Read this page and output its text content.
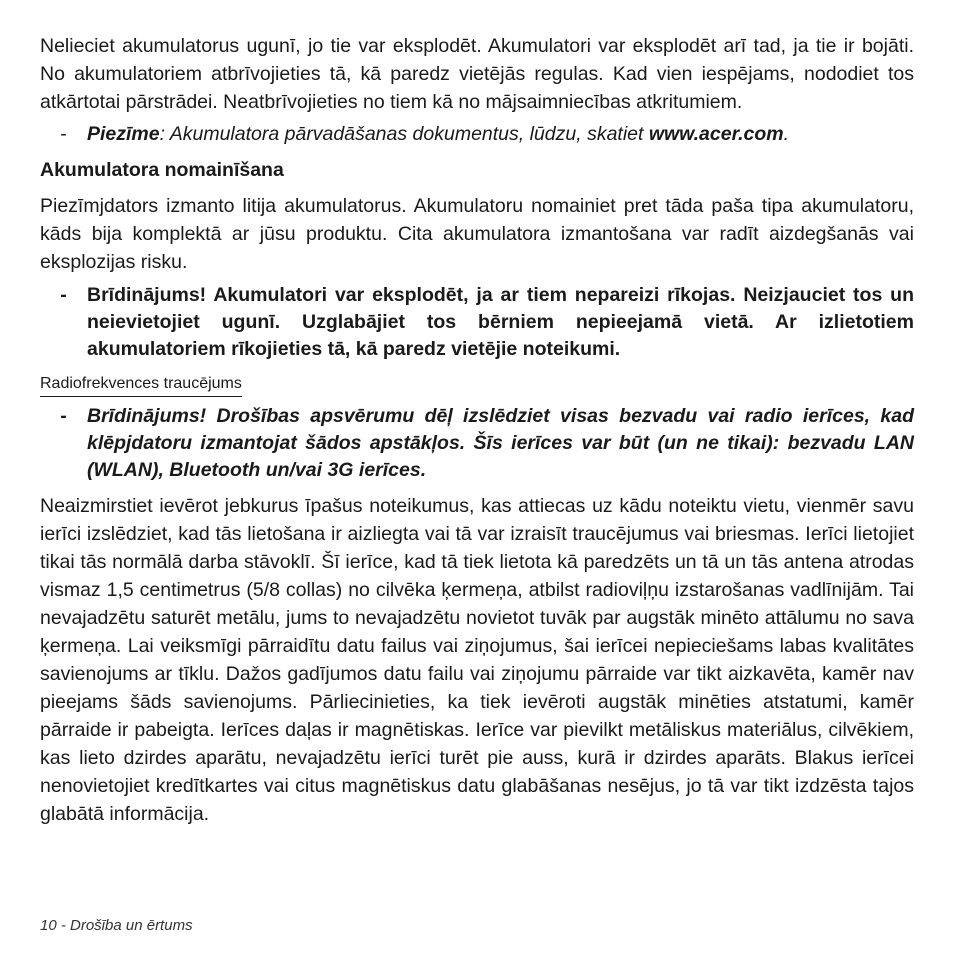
Nelieciet akumulatorus ugunī, jo tie var eksplodēt. Akumulatori var eksplodēt arī tad, ja tie ir bojāti. No akumulatoriem atbrīvojieties tā, kā paredz vietējās regulas. Kad vien iespējams, nododiet tos atkārtotai pārstrādei. Neatbrīvojieties no tiem kā no mājsaimniecības atkritumiem.

-	Piezīme: Akumulatora pārvadāšanas dokumentus, lūdzu, skatiet www.acer.com.
Akumulatora nomainīšana

Piezīmjdators izmanto litija akumulatorus. Akumulatoru nomainiet pret tāda paša tipa akumulatoru, kāds bija komplektā ar jūsu produktu. Cita akumulatora izmantošana var radīt aizdegšanās vai eksplozijas risku.

-	Brīdinājums! Akumulatori var eksplodēt, ja ar tiem nepareizi rīkojas. Neizjauciet tos un neievietojiet ugunī. Uzglabājiet tos bērniem nepieejamā vietā. Ar izlietotiem akumulatoriem rīkojieties tā, kā paredz vietējie noteikumi.
Radiofrekvences traucējums
-	Brīdinājums! Drošības apsvērumu dēļ izslēdziet visas bezvadu vai radio ierīces, kad klēpjdatoru izmantojat šādos apstākļos. Šīs ierīces var būt (un ne tikai): bezvadu LAN (WLAN), Bluetooth un/vai 3G ierīces.

Neaizmirstiet ievērot jebkurus īpašus noteikumus, kas attiecas uz kādu noteiktu vietu, vienmēr savu ierīci izslēdziet, kad tās lietošana ir aizliegta vai tā var izraisīt traucējumus vai briesmas. Ierīci lietojiet tikai tās normālā darba stāvoklī. Šī ierīce, kad tā tiek lietota kā paredzēts un tā un tās antena atrodas vismaz 1,5 centimetrus (5/8 collas) no cilvēka ķermeņa, atbilst radioviļņu izstarošanas vadlīnijām. Tai nevajadzētu saturēt metālu, jums to nevajadzētu novietot tuvāk par augstāk minēto attālumu no sava ķermeņa. Lai veiksmīgi pārraidītu datu failus vai ziņojumus, šai ierīcei nepieciešams labas kvalitātes savienojums ar tīklu. Dažos gadījumos datu failu vai ziņojumu pārraide var tikt aizkavēta, kamēr nav pieejams šāds savienojums. Pārliecinieties, ka tiek ievēroti augstāk minēties atstatumi, kamēr pārraide ir pabeigta. Ierīces daļas ir magnētiskas. Ierīce var pievilkt metāliskus materiālus, cilvēkiem, kas lieto dzirdes aparātu, nevajadzētu ierīci turēt pie auss, kurā ir dzirdes aparāts. Blakus ierīcei nenovietojiet kredītkartes vai citus magnētiskus datu glabāšanas nesējus, jo tā var tikt izdzēsta tajos glabātā informācija.

10 - Drošība un ērtums
